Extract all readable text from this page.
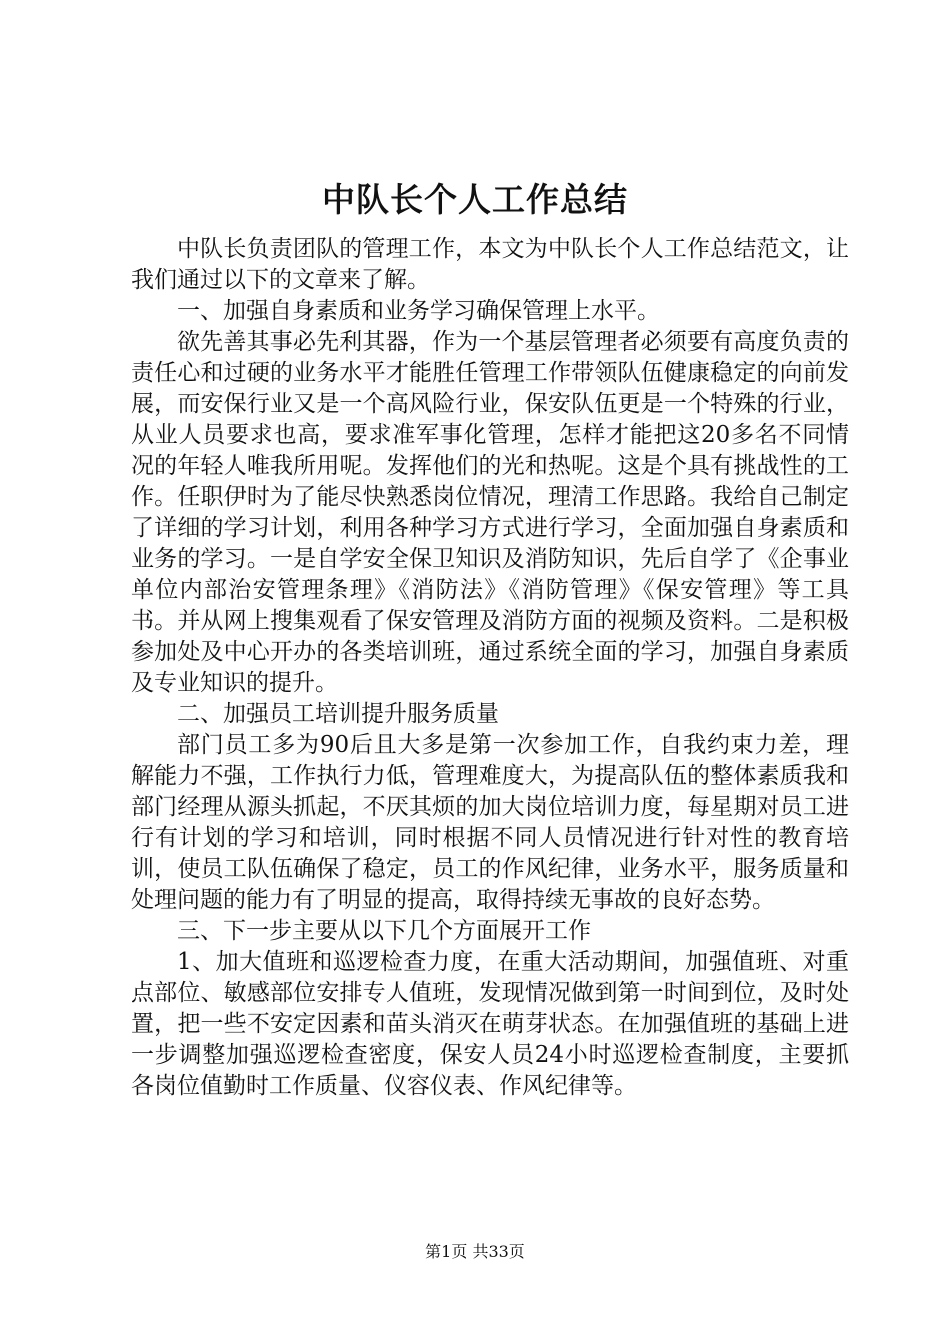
中队长个人工作总结

中队长负责团队的管理工作，本文为中队长个人工作总结范文，让我们通过以下的文章来了解。

一、加强自身素质和业务学习确保管理上水平。

欲先善其事必先利其器，作为一个基层管理者必须要有高度负责的责任心和过硬的业务水平才能胜任管理工作带领队伍健康稳定的向前发展，而安保行业又是一个高风险行业，保安队伍更是一个特殊的行业，从业人员要求也高，要求准军事化管理，怎样才能把这20多名不同情况的年轻人唯我所用呢。发挥他们的光和热呢。这是个具有挑战性的工作。任职伊时为了能尽快熟悉岗位情况，理清工作思路。我给自己制定了详细的学习计划，利用各种学习方式进行学习，全面加强自身素质和业务的学习。一是自学安全保卫知识及消防知识，先后自学了《企事业单位内部治安管理条理》《消防法》《消防管理》《保安管理》等工具书。并从网上搜集观看了保安管理及消防方面的视频及资料。二是积极参加处及中心开办的各类培训班，通过系统全面的学习，加强自身素质及专业知识的提升。

二、加强员工培训提升服务质量

部门员工多为90后且大多是第一次参加工作，自我约束力差，理解能力不强，工作执行力低，管理难度大，为提高队伍的整体素质我和部门经理从源头抓起，不厌其烦的加大岗位培训力度，每星期对员工进行有计划的学习和培训，同时根据不同人员情况进行针对性的教育培训，使员工队伍确保了稳定，员工的作风纪律，业务水平，服务质量和处理问题的能力有了明显的提高，取得持续无事故的良好态势。

三、下一步主要从以下几个方面展开工作

1、加大值班和巡逻检查力度，在重大活动期间，加强值班、对重点部位、敏感部位安排专人值班，发现情况做到第一时间到位，及时处置，把一些不安定因素和苗头消灭在萌芽状态。在加强值班的基础上进一步调整加强巡逻检查密度，保安人员24小时巡逻检查制度，主要抓各岗位值勤时工作质量、仪容仪表、作风纪律等。

第1页 共33页
